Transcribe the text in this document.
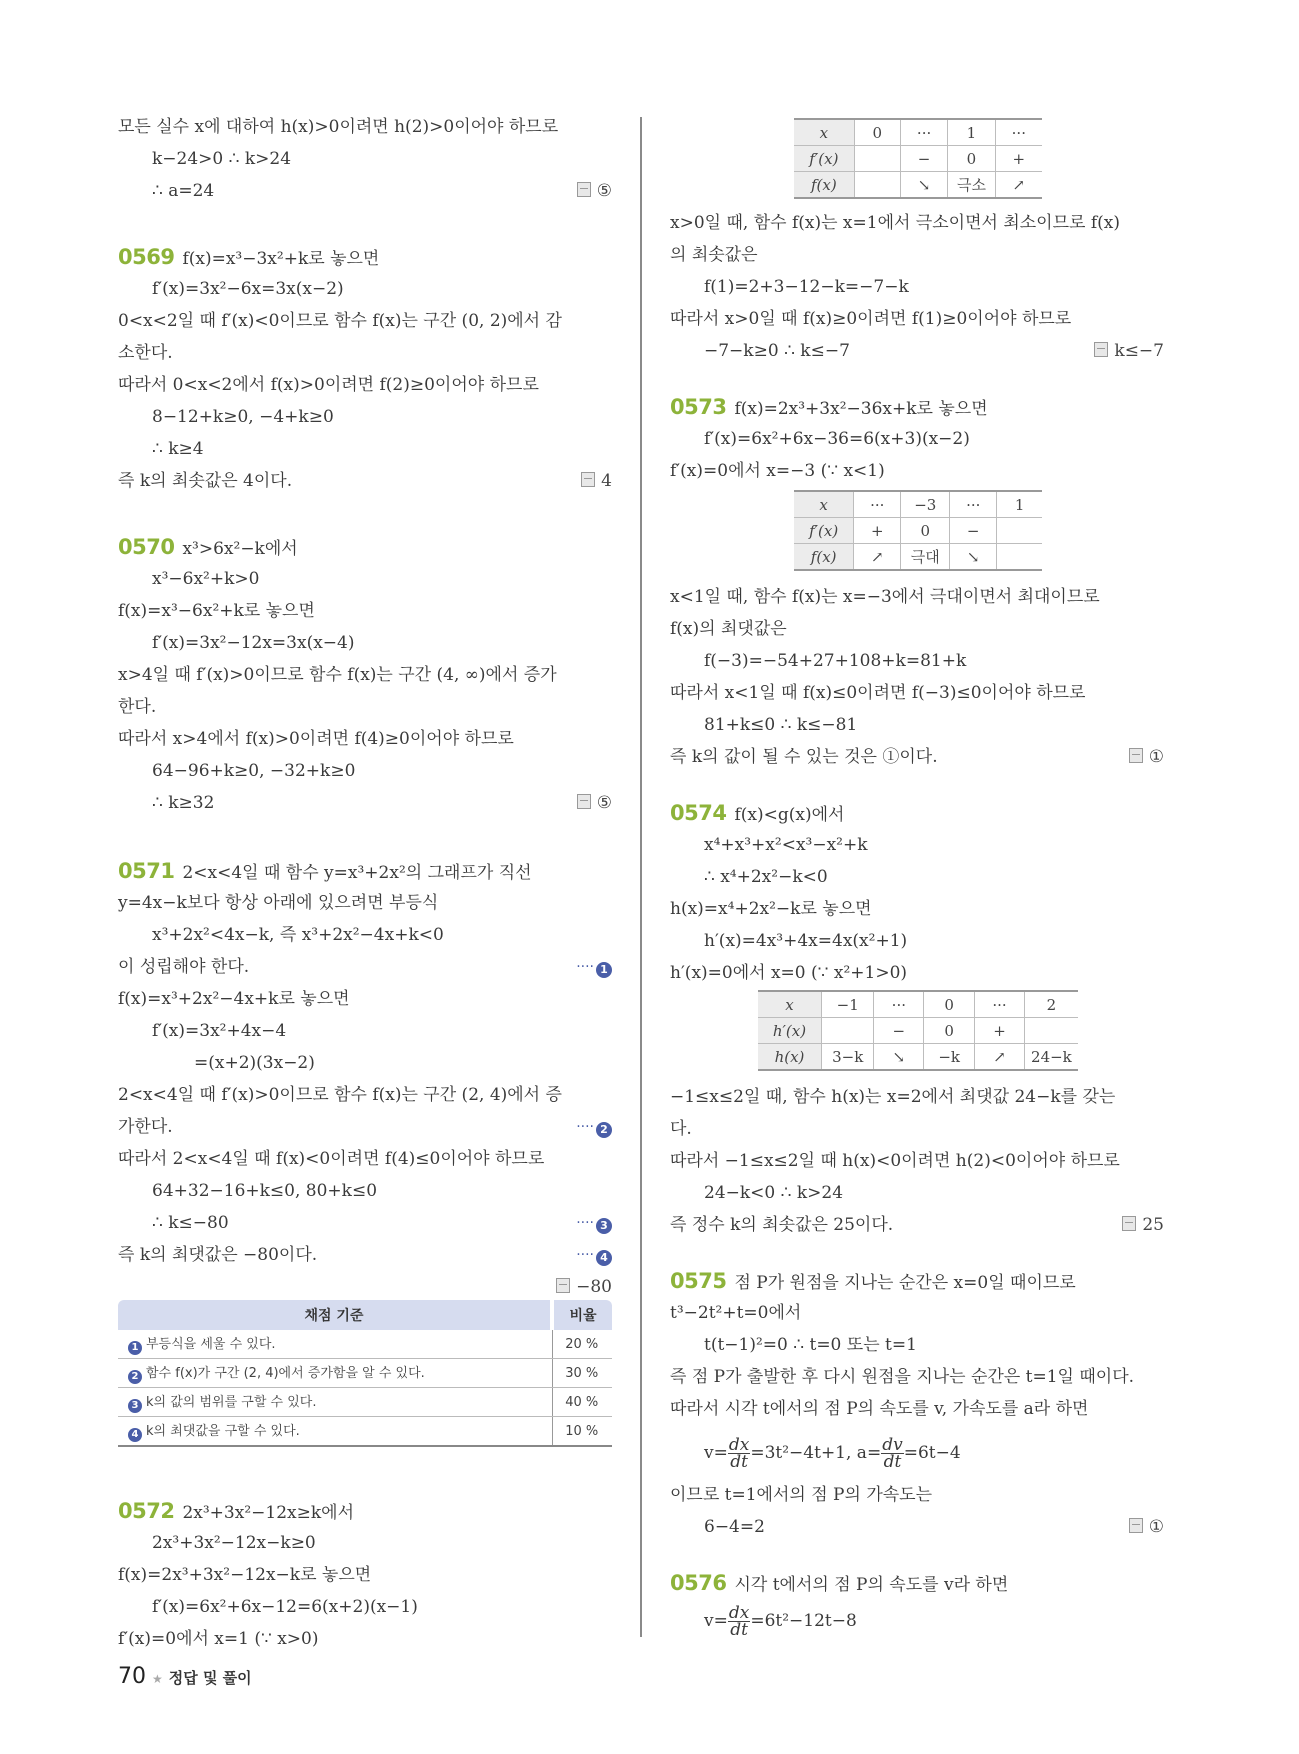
모든 실수 x에 대하여 h(x)>0이려면 h(2)>0이어야 하므로
k−24>0 ∴ k>24
∴ a=24	⑤
0569 f(x)=x³−3x²+k로 놓으면
f′(x)=3x²−6x=3x(x−2)
0<x<2일 때 f′(x)<0이므로 함수 f(x)는 구간 (0, 2)에서 감
소한다.
따라서 0<x<2에서 f(x)>0이려면 f(2)≥0이어야 하므로
8−12+k≥0, −4+k≥0
∴ k≥4
즉 k의 최솟값은 4이다.	4
0570 x³>6x²−k에서
x³−6x²+k>0
f(x)=x³−6x²+k로 놓으면
f′(x)=3x²−12x=3x(x−4)
x>4일 때 f′(x)>0이므로 함수 f(x)는 구간 (4, ∞)에서 증가
한다.
따라서 x>4에서 f(x)>0이려면 f(4)≥0이어야 하므로
64−96+k≥0, −32+k≥0
∴ k≥32	⑤
0571 2<x<4일 때 함수 y=x³+2x²의 그래프가 직선
y=4x−k보다 항상 아래에 있으려면 부등식
x³+2x²<4x−k, 즉 x³+2x²−4x+k<0
이 성립해야 한다.	···· 1
f(x)=x³+2x²−4x+k로 놓으면
f′(x)=3x²+4x−4
=(x+2)(3x−2)
2<x<4일 때 f′(x)>0이므로 함수 f(x)는 구간 (2, 4)에서 증
가한다.	···· 2
따라서 2<x<4일 때 f(x)<0이려면 f(4)≤0이어야 하므로
64+32−16+k≤0, 80+k≤0
∴ k≤−80	···· 3
즉 k의 최댓값은 −80이다.	···· 4
−80
채점 기준	비율
1 부등식을 세울 수 있다.	20 %
2 함수 f(x)가 구간 (2, 4)에서 증가함을 알 수 있다.	30 %
3 k의 값의 범위를 구할 수 있다.	40 %
4 k의 최댓값을 구할 수 있다.	10 %
0572 2x³+3x²−12x≥k에서
2x³+3x²−12x−k≥0
f(x)=2x³+3x²−12x−k로 놓으면
f′(x)=6x²+6x−12=6(x+2)(x−1)
f′(x)=0에서 x=1 (∵ x>0)
x	0	···	1	···
f′(x)		−	0	+
f(x)		↘	극소	↗
x>0일 때, 함수 f(x)는 x=1에서 극소이면서 최소이므로 f(x)
의 최솟값은
f(1)=2+3−12−k=−7−k
따라서 x>0일 때 f(x)≥0이려면 f(1)≥0이어야 하므로
−7−k≥0 ∴ k≤−7	k≤−7
0573 f(x)=2x³+3x²−36x+k로 놓으면
f′(x)=6x²+6x−36=6(x+3)(x−2)
f′(x)=0에서 x=−3 (∵ x<1)
x	···	−3	···	1
f′(x)	+	0	−	
f(x)	↗	극대	↘	
x<1일 때, 함수 f(x)는 x=−3에서 극대이면서 최대이므로
f(x)의 최댓값은
f(−3)=−54+27+108+k=81+k
따라서 x<1일 때 f(x)≤0이려면 f(−3)≤0이어야 하므로
81+k≤0 ∴ k≤−81
즉 k의 값이 될 수 있는 것은 ①이다.	①
0574 f(x)<g(x)에서
x⁴+x³+x²<x³−x²+k
∴ x⁴+2x²−k<0
h(x)=x⁴+2x²−k로 놓으면
h′(x)=4x³+4x=4x(x²+1)
h′(x)=0에서 x=0 (∵ x²+1>0)
x	−1	···	0	···	2
h′(x)		−	0	+	
h(x)	3−k	↘	−k	↗	24−k
−1≤x≤2일 때, 함수 h(x)는 x=2에서 최댓값 24−k를 갖는
다.
따라서 −1≤x≤2일 때 h(x)<0이려면 h(2)<0이어야 하므로
24−k<0 ∴ k>24
즉 정수 k의 최솟값은 25이다.	25
0575 점 P가 원점을 지나는 순간은 x=0일 때이므로
t³−2t²+t=0에서
t(t−1)²=0 ∴ t=0 또는 t=1
즉 점 P가 출발한 후 다시 원점을 지나는 순간은 t=1일 때이다.
따라서 시각 t에서의 점 P의 속도를 v, 가속도를 a라 하면
$v= \frac{dx}{dt} =3t^2-4t+1$, $a= \frac{dv}{dt} =6t-4$
이므로 t=1에서의 점 P의 가속도는
6−4=2	①
0576 시각 t에서의 점 P의 속도를 v라 하면
$v= \frac{dx}{dt} =6t^2-12t-8$
70 ★ 정답 및 풀이
